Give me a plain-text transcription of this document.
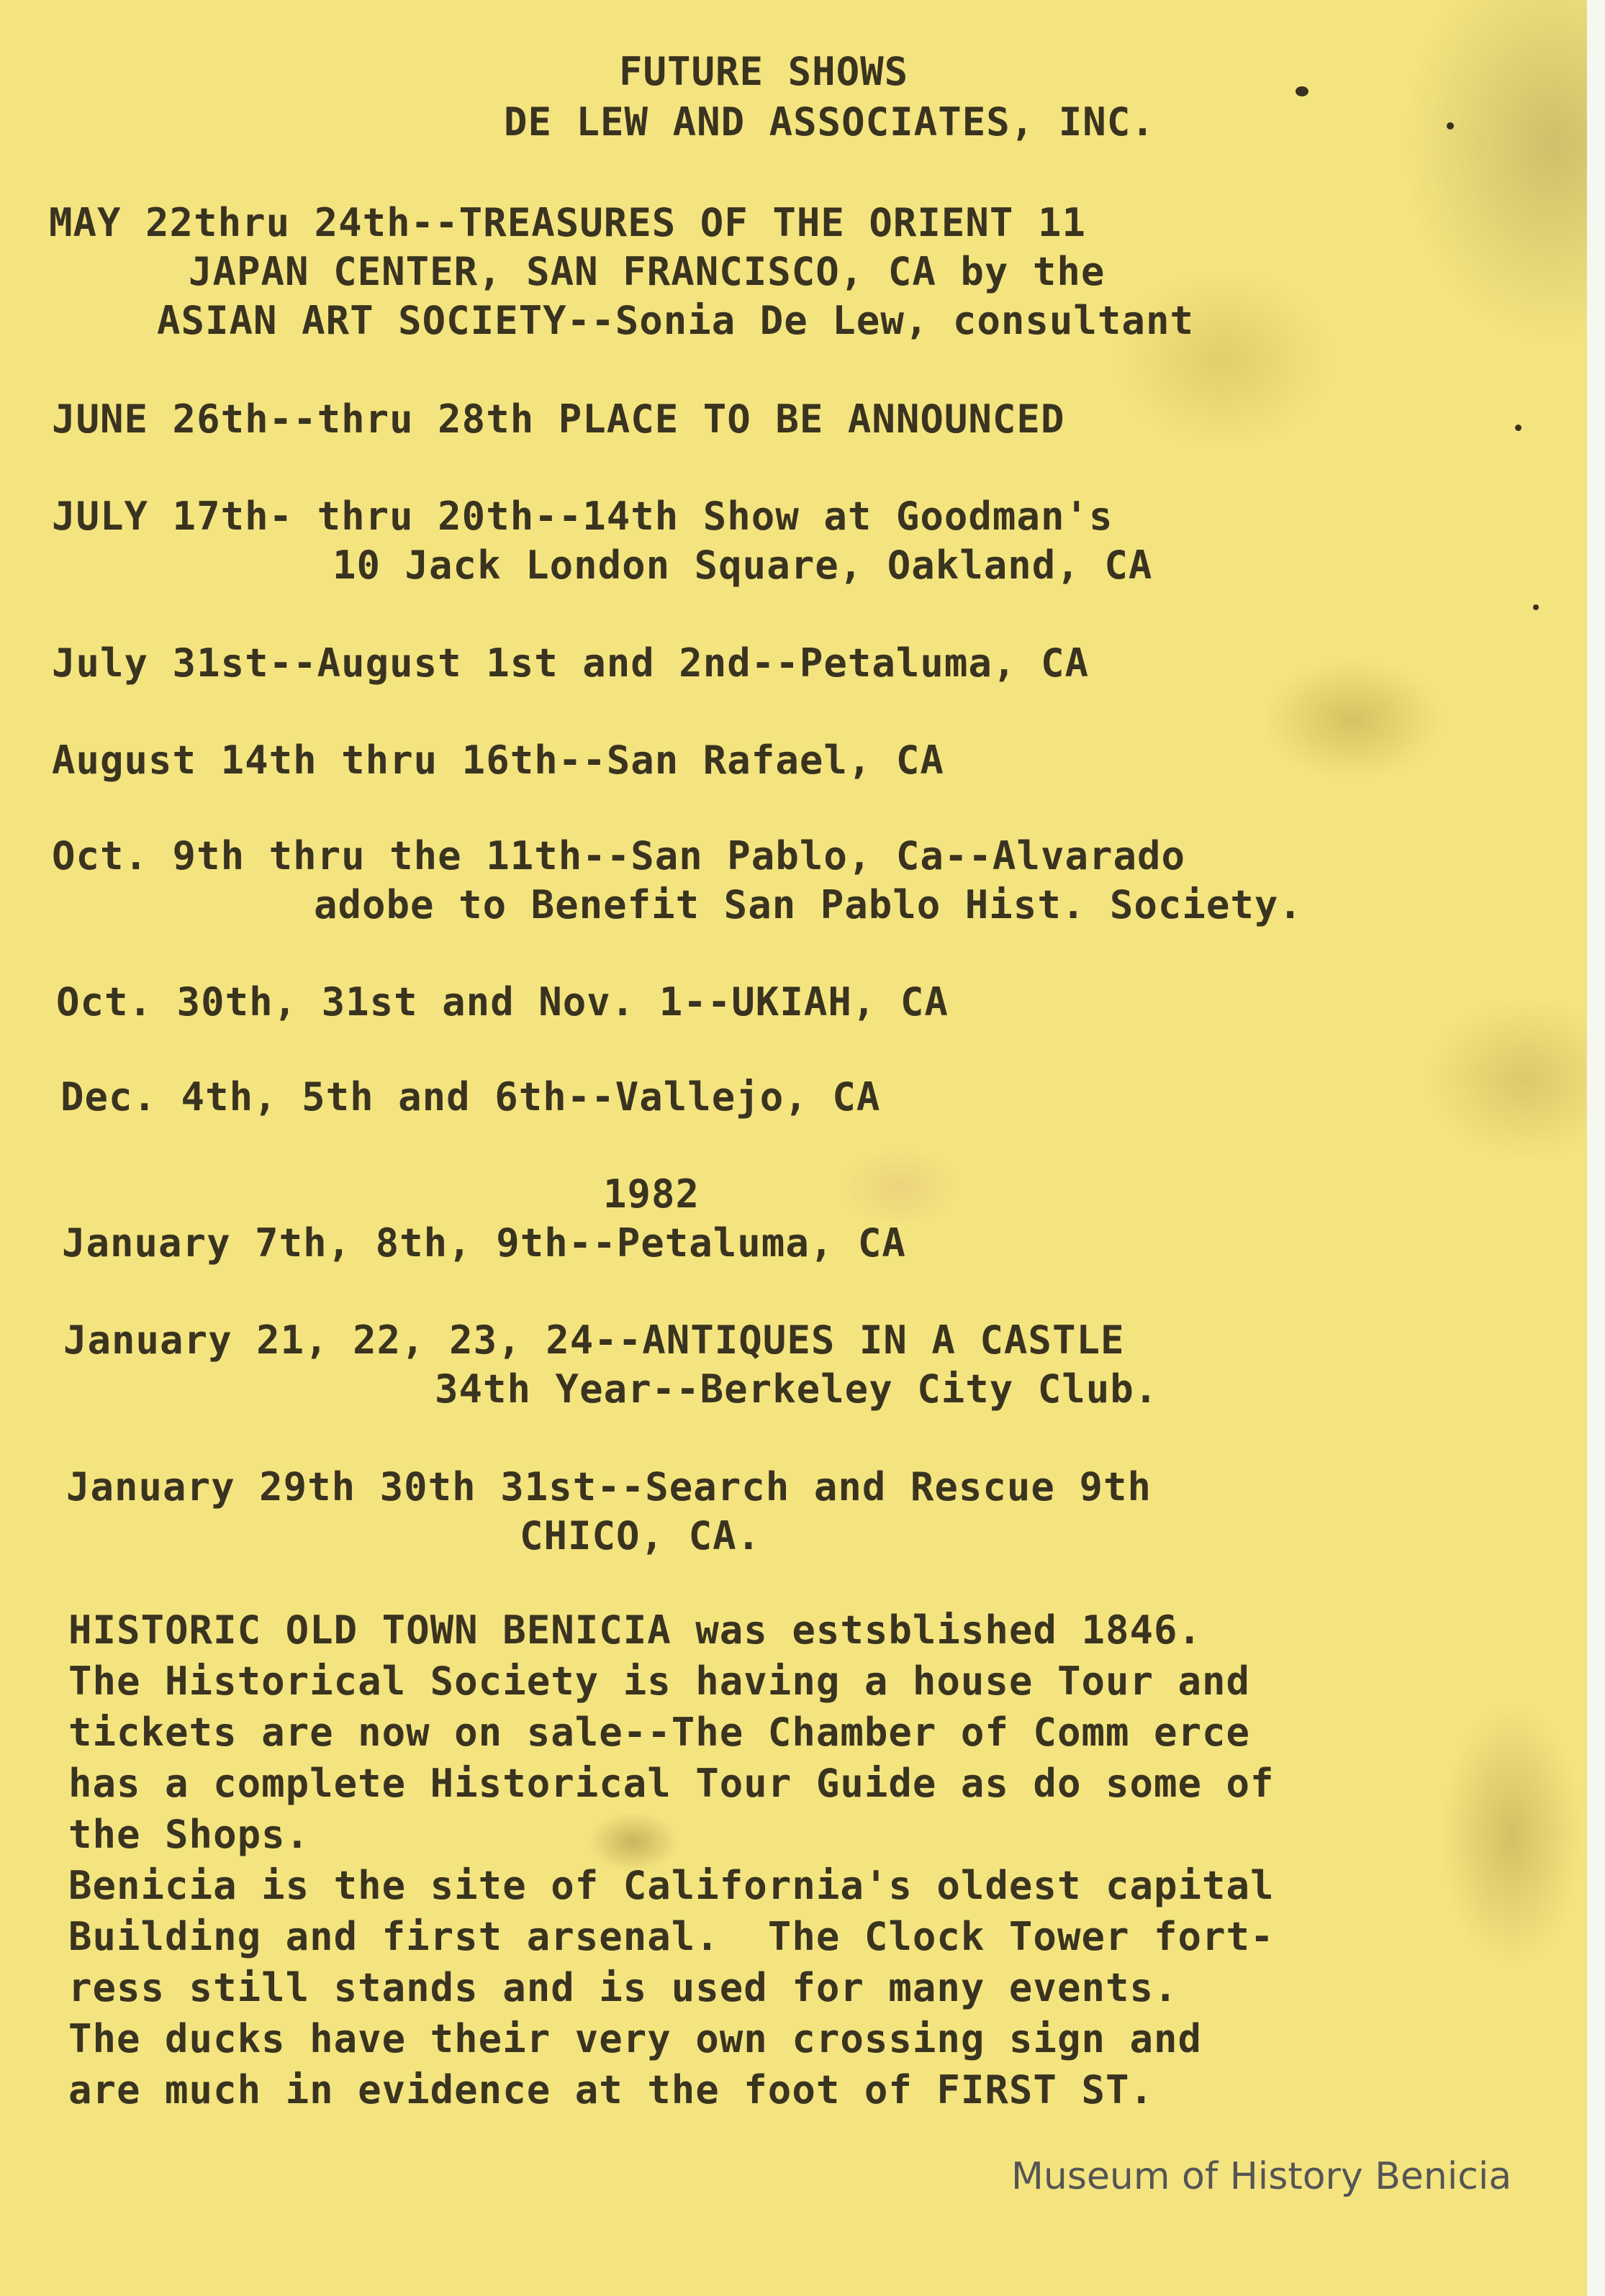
FUTURE SHOWS
DE LEW AND ASSOCIATES, INC.
MAY 22thru 24th--TREASURES OF THE ORIENT 11
JAPAN CENTER, SAN FRANCISCO, CA by the
ASIAN ART SOCIETY--Sonia De Lew, consultant
JUNE 26th--thru 28th PLACE TO BE ANNOUNCED
JULY 17th- thru 20th--14th Show at Goodman's
10 Jack London Square, Oakland, CA
July 31st--August 1st and 2nd--Petaluma, CA
August 14th thru 16th--San Rafael, CA
Oct. 9th thru the 11th--San Pablo, Ca--Alvarado
adobe to Benefit San Pablo Hist. Society.
Oct. 30th, 31st and Nov. 1--UKIAH, CA
Dec. 4th, 5th and 6th--Vallejo, CA
1982
January 7th, 8th, 9th--Petaluma, CA
January 21, 22, 23, 24--ANTIQUES IN A CASTLE
34th Year--Berkeley City Club.
January 29th 30th 31st--Search and Rescue 9th
CHICO, CA.
HISTORIC OLD TOWN BENICIA was estsblished 1846.
The Historical Society is having a house Tour and
tickets are now on sale--The Chamber of Comm erce
has a complete Historical Tour Guide as do some of
the Shops.
Benicia is the site of California's oldest capital
Building and first arsenal.  The Clock Tower fort-
ress still stands and is used for many events.
The ducks have their very own crossing sign and
are much in evidence at the foot of FIRST ST.
Museum of History Benicia
